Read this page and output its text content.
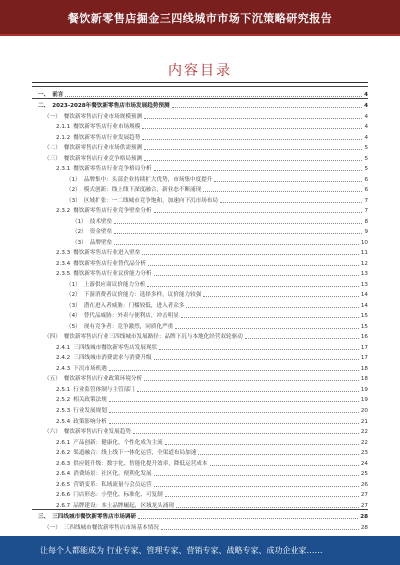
餐饮新零售店掘金三四线城市市场下沉策略研究报告
内容目录
一、 前言	4
二、 2023-2028年餐饮新零售店市场发展趋势预测	4
（一） 餐饮新零售店行业市场规模预测	4
2.1.1 餐饮新零售店行业市场规模	4
2.1.2 餐饮新零售店行业发展趋势	4
（二） 餐饮新零售店行业市场供需预测	5
（三） 餐饮新零售店行业竞争格局预测	5
2.3.1 餐饮新零售店行业竞争格局分析	5
（1） 品牌集中：头部企业持续扩大优势，市场集中度提升	6
（2） 模式创新：线上线下深度融合，新业态不断涌现	6
（3） 区域扩张：一二线城市竞争饱和，加速向下沉市场布局	7
2.3.2 餐饮新零售店行业竞争壁垒分析	7
（1） 技术壁垒	8
（2） 资金壁垒	9
（3） 品牌壁垒	10
2.3.3 餐饮新零售店行业进入壁垒	11
2.3.4 餐饮新零售店行业替代品分析	12
2.3.5 餐饮新零售店行业议价能力分析	13
（1） 上游供应商议价能力分析	13
（2） 下游消费者议价能力：选择多样，议价能力较强	14
（3） 潜在进入者威胁：门槛较低，进入者众多	14
（4） 替代品威胁：外卖与便利店，冲击明显	15
（5） 现有竞争者：竞争激烈，同质化严重	15
（四） 餐饮新零售店行业三四线城市发展路径：品牌下沉与本地化经营双轮驱动	16
2.4.1 三四线城市餐饮新零售店发展现状	17
2.4.2 三四线城市消费需求与消费升级	17
2.4.3 下沉市场机遇	18
（五） 餐饮新零售店行业政策环境分析	18
2.5.1 行业监管体制与主管部门	19
2.5.2 相关政策法规	19
2.5.3 行业发展规划	20
2.5.4 政策影响分析	21
（六） 餐饮新零售店行业发展趋势	22
2.6.1 产品创新：健康化、个性化成为主流	22
2.6.2 渠道融合：线上线下一体化运营，全渠道布局加速	23
2.6.3 供应链升级：数字化、智能化提升效率，降低运营成本	24
2.6.4 消费场景：社区化、便利化发展	25
2.6.5 营销变革：私域流量与会员运营	26
2.6.6 门店形态：小型化、标准化、可复制	27
2.6.7 品牌建设：本土品牌崛起，区域龙头涌现	27
三、 三四线城市餐饮新零售店市场调研	28
（一） 三四线城市餐饮新零售店市场基本情况	28
让每个人都能成为 行业专家、管理专家、营销专家、战略专家、成功企业家……
